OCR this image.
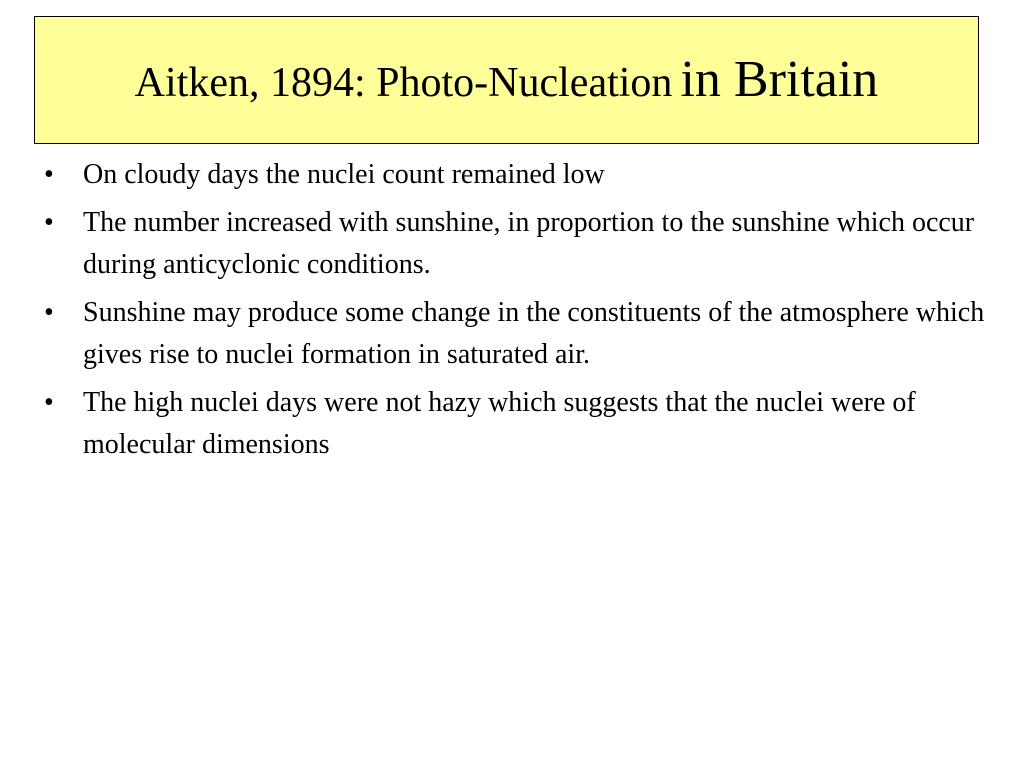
Aitken, 1894: Photo-Nucleation in Britain
• On cloudy days the nuclei count remained low
• The number increased with sunshine, in proportion to the sunshine which occur during anticyclonic conditions.
• Sunshine may produce some change in the constituents of the atmosphere which gives rise to nuclei formation in saturated air.
• The high nuclei days were not hazy which suggests that the nuclei were of molecular dimensions
